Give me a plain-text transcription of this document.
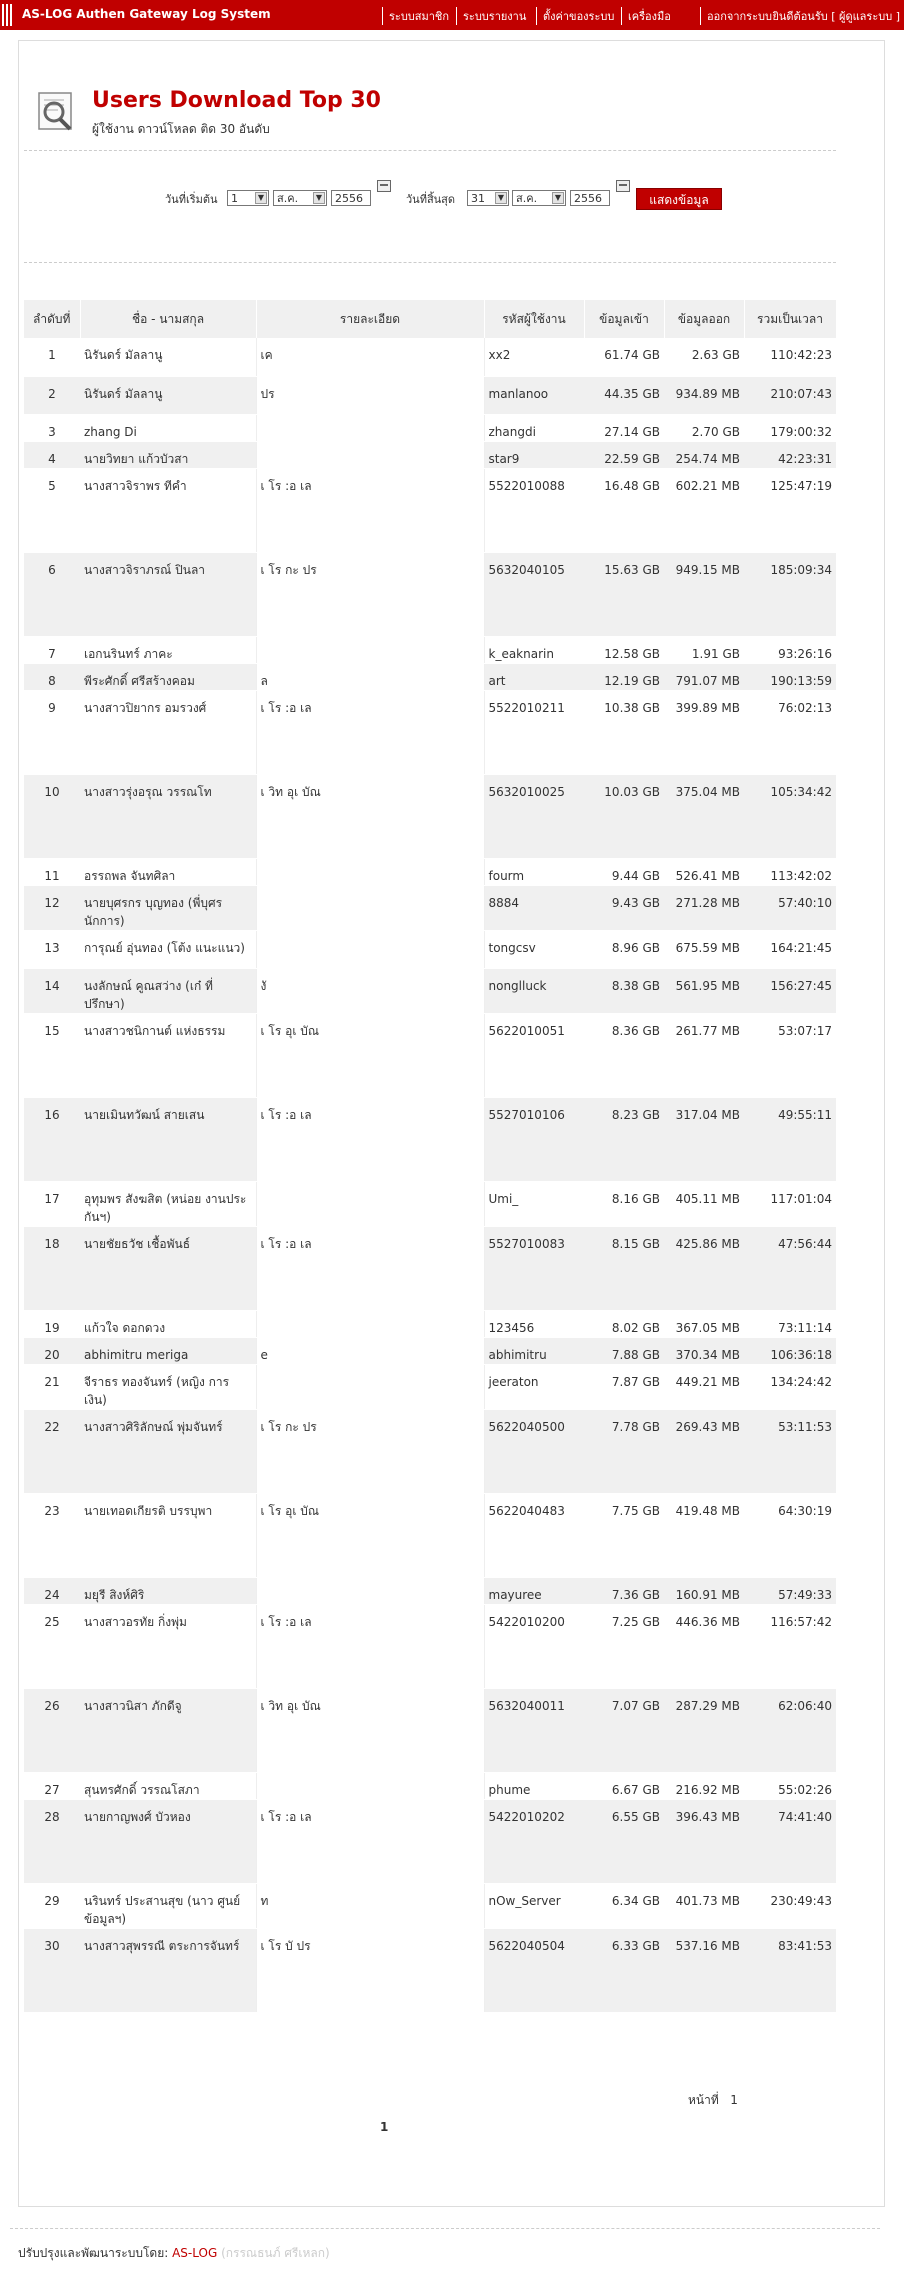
AS-LOG Authen Gateway Log System	ระบบสมาชิก	ระบบรายงาน	ตั้งค่าของระบบ	เครื่องมือ	ออกจากระบบ ยินดีต้อนรับ [ ผู้ดูแลระบบ ]
Users Download Top 30
ผู้ใช้งาน ดาวน์โหลด ติด 30 อันดับ
วันที่เริ่มต้น	1	▼	ส.ค.	▼	2556	วันที่สิ้นสุด	31	▼	ส.ค.	▼	2556	แสดงข้อมูล
ลำดับที่	ชื่อ - นามสกุล	รายละเอียด	รหัสผู้ใช้งาน	ข้อมูลเข้า	ข้อมูลออก	รวมเป็นเวลา
1	นิรันดร์ มัลลานู	เค	xx2	61.74 GB	2.63 GB	110:42:23
2	นิรันดร์ มัลลานู	ปร	manlanoo	44.35 GB	934.89 MB	210:07:43
3	zhang Di		zhangdi	27.14 GB	2.70 GB	179:00:32
4	นายวิทยา แก้วบัวสา		star9	22.59 GB	254.74 MB	42:23:31
5	นางสาวจิราพร ทีคำ	เ โร :อ เล	5522010088	16.48 GB	602.21 MB	125:47:19
6	นางสาวจิราภรณ์ ปินลา	เ โร กะ ปร	5632040105	15.63 GB	949.15 MB	185:09:34
7	เอกนรินทร์ ภาคะ		k_eaknarin	12.58 GB	1.91 GB	93:26:16
8	พีระศักดิ์ ศรีสร้างคอม	ล	art	12.19 GB	791.07 MB	190:13:59
9	นางสาวปิยากร อมรวงศ์	เ โร :อ เล	5522010211	10.38 GB	399.89 MB	76:02:13
10	นางสาวรุ่งอรุณ วรรณโท	เ วิท อุเ บัณ	5632010025	10.03 GB	375.04 MB	105:34:42
11	อรรถพล จันทศิลา		fourm	9.44 GB	526.41 MB	113:42:02
12	นายบุศรกร บุญทอง (พี่บุศร นักการ)		8884	9.43 GB	271.28 MB	57:40:10
13	การุณย์ อุ่นทอง (โต้ง แนะแนว)		tongcsv	8.96 GB	675.59 MB	164:21:45
14	นงลักษณ์ คูณสว่าง (เก๋ ที่ปรึกษา)	งั	nonglluck	8.38 GB	561.95 MB	156:27:45
15	นางสาวชนิกานต์ แห่งธรรม	เ โร อุเ บัณ	5622010051	8.36 GB	261.77 MB	53:07:17
16	นายเมินทวัฒน์ สายเสน	เ โร :อ เล	5527010106	8.23 GB	317.04 MB	49:55:11
17	อุทุมพร สังฆสิต (หน่อย งานประกันฯ)		Umi_	8.16 GB	405.11 MB	117:01:04
18	นายชัยธวัช เชื้อพันธ์	เ โร :อ เล	5527010083	8.15 GB	425.86 MB	47:56:44
19	แก้วใจ ดอกดวง		123456	8.02 GB	367.05 MB	73:11:14
20	abhimitru meriga	e	abhimitru	7.88 GB	370.34 MB	106:36:18
21	จีราธร ทองจันทร์ (หญิง การเงิน)		jeeraton	7.87 GB	449.21 MB	134:24:42
22	นางสาวศิริลักษณ์ พุ่มจันทร์	เ โร กะ ปร	5622040500	7.78 GB	269.43 MB	53:11:53
23	นายเทอดเกียรติ บรรบุพา	เ โร อุเ บัณ	5622040483	7.75 GB	419.48 MB	64:30:19
24	มยุรี สิงห์ศิริ		mayuree	7.36 GB	160.91 MB	57:49:33
25	นางสาวอรทัย กิ่งพุ่ม	เ โร :อ เล	5422010200	7.25 GB	446.36 MB	116:57:42
26	นางสาวนิสา ภักดีจู	เ วิท อุเ บัณ	5632040011	7.07 GB	287.29 MB	62:06:40
27	สุนทรศักดิ์ วรรณโสภา		phume	6.67 GB	216.92 MB	55:02:26
28	นายกาญพงศ์ บัวหอง	เ โร :อ เล	5422010202	6.55 GB	396.43 MB	74:41:40
29	นรินทร์ ประสานสุข (นาว ศูนย์ข้อมูลฯ)	ท	nOw_Server	6.34 GB	401.73 MB	230:49:43
30	นางสาวสุพรรณี ตระการจันทร์	เ โร บั ปร	5622040504	6.33 GB	537.16 MB	83:41:53
หน้าที่ 1
1
ปรับปรุงและพัฒนาระบบโดย: AS-LOG (กรรณธนภ์ ศรีเหลก)
